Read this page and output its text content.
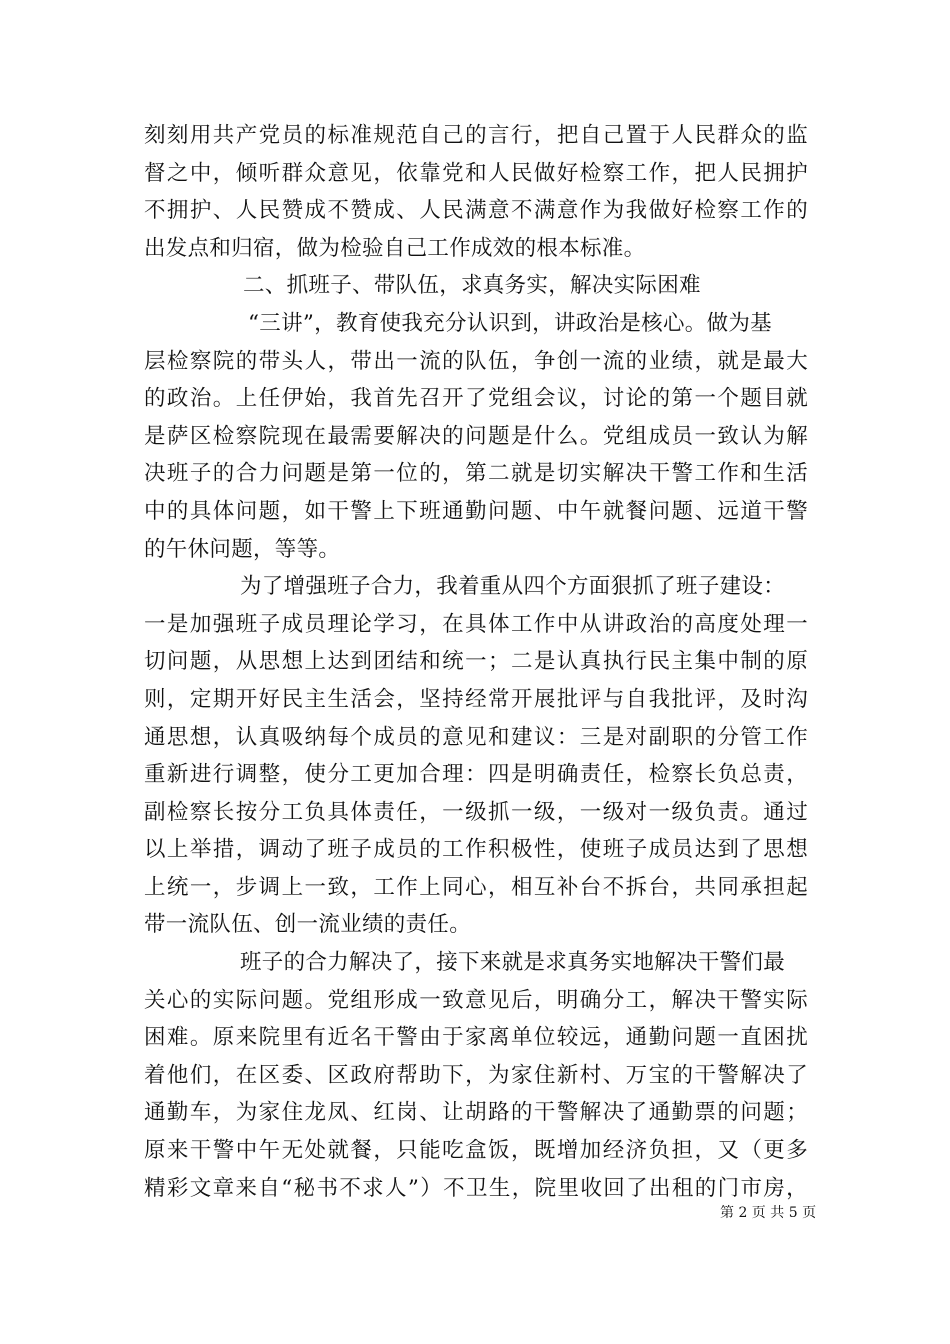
刻刻用共产党员的标准规范自己的言行，把自己置于人民群众的监
督之中，倾听群众意见，依靠党和人民做好检察工作，把人民拥护
不拥护、人民赞成不赞成、人民满意不满意作为我做好检察工作的
出发点和归宿，做为检验自己工作成效的根本标准。
二、抓班子、带队伍，求真务实，解决实际困难
“三讲”，教育使我充分认识到，讲政治是核心。做为基
层检察院的带头人，带出一流的队伍，争创一流的业绩，就是最大
的政治。上任伊始，我首先召开了党组会议，讨论的第一个题目就
是萨区检察院现在最需要解决的问题是什么。党组成员一致认为解
决班子的合力问题是第一位的，第二就是切实解决干警工作和生活
中的具体问题，如干警上下班通勤问题、中午就餐问题、远道干警
的午休问题，等等。
为了增强班子合力，我着重从四个方面狠抓了班子建设：
一是加强班子成员理论学习，在具体工作中从讲政治的高度处理一
切问题，从思想上达到团结和统一；二是认真执行民主集中制的原
则，定期开好民主生活会，坚持经常开展批评与自我批评，及时沟
通思想，认真吸纳每个成员的意见和建议：三是对副职的分管工作
重新进行调整，使分工更加合理：四是明确责任，检察长负总责，
副检察长按分工负具体责任，一级抓一级，一级对一级负责。通过
以上举措，调动了班子成员的工作积极性，使班子成员达到了思想
上统一，步调上一致，工作上同心，相互补台不拆台，共同承担起
带一流队伍、创一流业绩的责任。
班子的合力解决了，接下来就是求真务实地解决干警们最
关心的实际问题。党组形成一致意见后，明确分工，解决干警实际
困难。原来院里有近名干警由于家离单位较远，通勤问题一直困扰
着他们，在区委、区政府帮助下，为家住新村、万宝的干警解决了
通勤车，为家住龙凤、红岗、让胡路的干警解决了通勤票的问题；
原来干警中午无处就餐，只能吃盒饭，既增加经济负担，又（更多
精彩文章来自“秘书不求人”）不卫生，院里收回了出租的门市房，
第 2 页 共 5 页
